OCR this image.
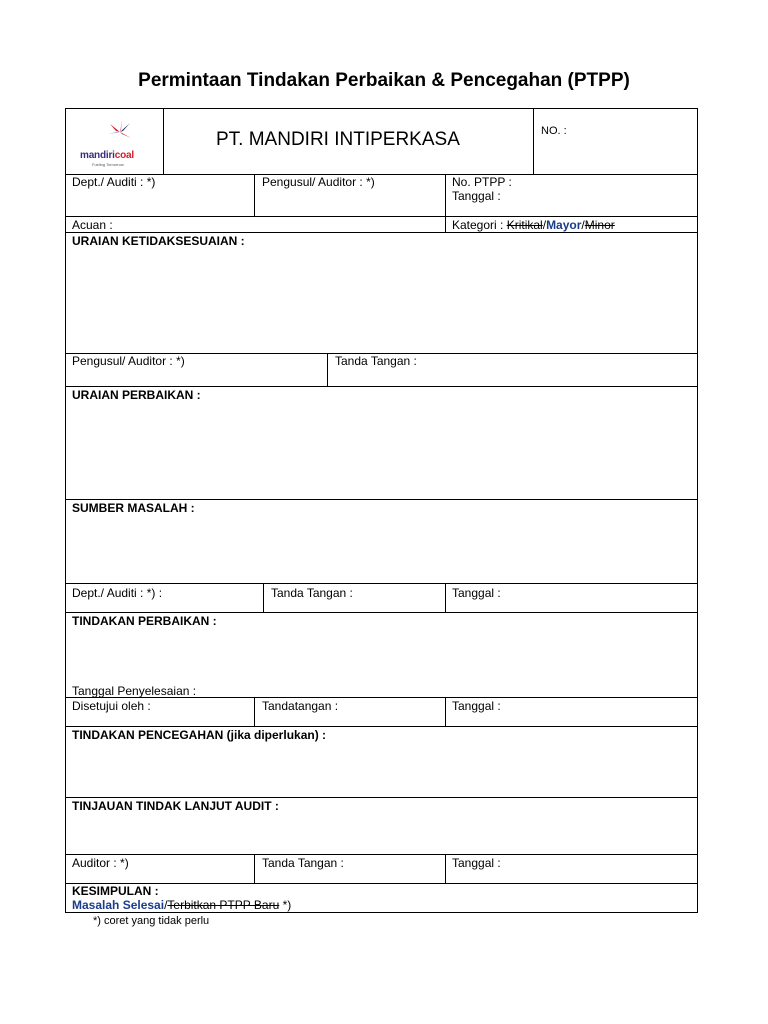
Permintaan Tindakan Perbaikan & Pencegahan (PTPP)
mandiricoal
Fueling Tomorrow
PT. MANDIRI INTIPERKASA	NO. :
Dept./ Auditi : *)	Pengusul/ Auditor : *)	No. PTPP :
Tanggal :
Acuan :	Kategori : Kritikal/Mayor/Minor
URAIAN KETIDAKSESUAIAN :
Pengusul/ Auditor : *)	Tanda Tangan :
URAIAN PERBAIKAN :
SUMBER MASALAH :
Dept./ Auditi : *) :	Tanda Tangan :	Tanggal :
TINDAKAN PERBAIKAN :
Tanggal Penyelesaian :
Disetujui oleh :	Tandatangan :	Tanggal :
TINDAKAN PENCEGAHAN (jika diperlukan) :
TINJAUAN TINDAK LANJUT AUDIT :
Auditor : *)	Tanda Tangan :	Tanggal :
KESIMPULAN :
Masalah Selesai/Terbitkan PTPP Baru *)
*) coret yang tidak perlu
